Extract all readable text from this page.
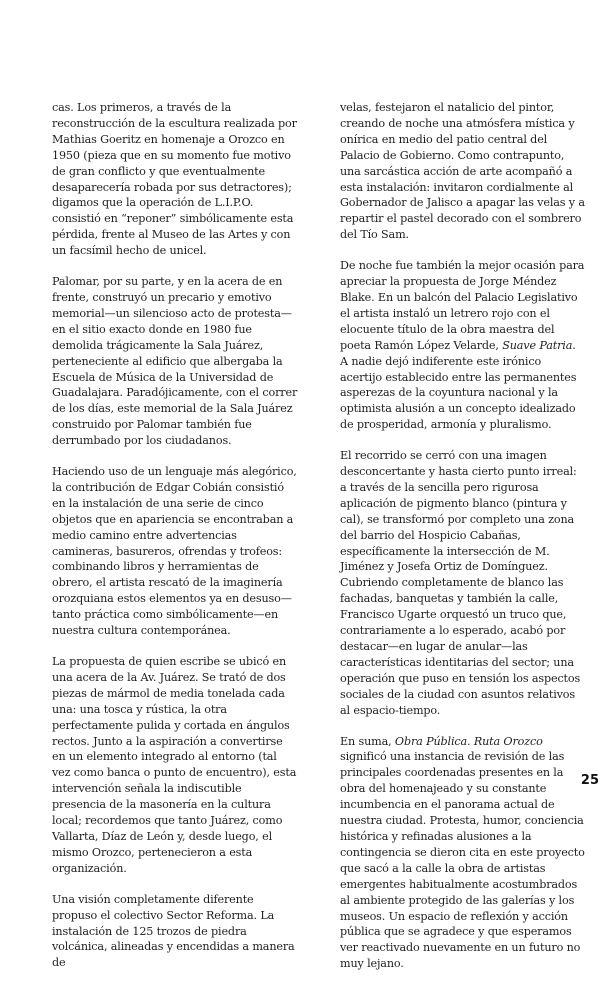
cas. Los primeros, a través de la reconstrucción de la escultura realizada por Mathias Goeritz en homenaje a Orozco en 1950 (pieza que en su momento fue motivo de gran conflicto y que eventualmente desaparecería robada por sus detractores); digamos que la operación de L.I.P.O. consistió en “reponer” simbólicamente esta pérdida, frente al Museo de las Artes y con un facsímil hecho de unicel.

Palomar, por su parte, y en la acera de en frente, construyó un precario y emotivo memorial—un silencioso acto de protesta—en el sitio exacto donde en 1980 fue demolida trágicamente la Sala Juárez, perteneciente al edificio que albergaba la Escuela de Música de la Universidad de Guadalajara. Paradójicamente, con el correr de los días, este memorial de la Sala Juárez construido por Palomar también fue derrumbado por los ciudadanos.

Haciendo uso de un lenguaje más alegórico, la contribución de Edgar Cobián consistió en la instalación de una serie de cinco objetos que en apariencia se encontraban a medio camino entre advertencias camineras, basureros, ofrendas y trofeos: combinando libros y herramientas de obrero, el artista rescató de la imaginería orozquiana estos elementos ya en desuso—tanto práctica como simbólicamente—en nuestra cultura contemporánea.

La propuesta de quien escribe se ubicó en una acera de la Av. Juárez. Se trató de dos piezas de mármol de media tonelada cada una: una tosca y rústica, la otra perfectamente pulida y cortada en ángulos rectos. Junto a la aspiración a convertirse en un elemento integrado al entorno (tal vez como banca o punto de encuentro), esta intervención señala la indiscutible presencia de la masonería en la cultura local; recordemos que tanto Juárez, como Vallarta, Díaz de León y, desde luego, el mismo Orozco, pertenecieron a esta organización.

Una visión completamente diferente propuso el colectivo Sector Reforma. La instalación de 125 trozos de piedra volcánica, alineadas y encendidas a manera de

velas, festejaron el natalicio del pintor, creando de noche una atmósfera mística y onírica en medio del patio central del Palacio de Gobierno. Como contrapunto, una sarcástica acción de arte acompañó a esta instalación: invitaron cordialmente al Gobernador de Jalisco a apagar las velas y a repartir el pastel decorado con el sombrero del Tío Sam.

De noche fue también la mejor ocasión para apreciar la propuesta de Jorge Méndez Blake. En un balcón del Palacio Legislativo el artista instaló un letrero rojo con el elocuente título de la obra maestra del poeta Ramón López Velarde, Suave Patria. A nadie dejó indiferente este irónico acertijo establecido entre las permanentes asperezas de la coyuntura nacional y la optimista alusión a un concepto idealizado de prosperidad, armonía y pluralismo.

El recorrido se cerró con una imagen desconcertante y hasta cierto punto irreal: a través de la sencilla pero rigurosa aplicación de pigmento blanco (pintura y cal), se transformó por completo una zona del barrio del Hospicio Cabañas, específicamente la intersección de M. Jiménez y Josefa Ortiz de Domínguez. Cubriendo completamente de blanco las fachadas, banquetas y también la calle, Francisco Ugarte orquestó un truco que, contrariamente a lo esperado, acabó por destacar—en lugar de anular—las características identitarias del sector; una operación que puso en tensión los aspectos sociales de la ciudad con asuntos relativos al espacio-tiempo.

En suma, Obra Pública. Ruta Orozco significó una instancia de revisión de las principales coordenadas presentes en la obra del homenajeado y su constante incumbencia en el panorama actual de nuestra ciudad. Protesta, humor, conciencia histórica y refinadas alusiones a la contingencia se dieron cita en este proyecto que sacó a la calle la obra de artistas emergentes habitualmente acostumbrados al ambiente protegido de las galerías y los museos. Un espacio de reflexión y acción pública que se agradece y que esperamos ver reactivado nuevamente en un futuro no muy lejano.

25
